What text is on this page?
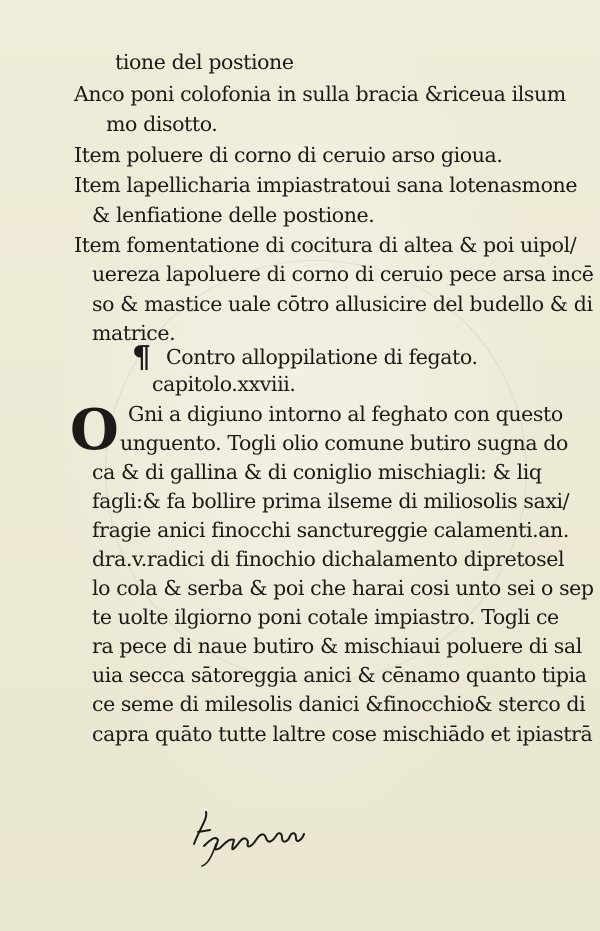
tione del postione
Anco poni colofonia in sulla bracia &riceua ilsum
mo disotto.
Item poluere di corno di ceruio arso gioua.
Item lapellicharia impiastratoui sana lotenasmone
& lenfiatione delle postione.
Item fomentatione di cocitura di altea & poi uipol/
uereza lapoluere di corno di ceruio pece arsa incē
so & mastice uale cōtro allusicire del budello & di
matrice.
¶ Contro alloppilatione di fegato.
capitolo.xxviii.
O Gni a digiuno intorno al feghato con questo
unguento. Togli olio comune butiro sugna do
ca & di gallina & di coniglio mischiagli: & liq
fagli:& fa bollire prima ilseme di miliosolis saxi/
fragie anici finocchi sanctureggie calamenti.an.
dra.v.radici di finochio dichalamento dipretosel
lo cola & serba & poi che harai cosi unto sei o sep
te uolte ilgiorno poni cotale impiastro. Togli ce
ra pece di naue butiro & mischiaui poluere di sal
uia secca sātoreggia anici & cēnamo quanto tipia
ce seme di milesolis danici &finocchio& sterco di
capra quāto tutte laltre cose mischiādo et ipiastrā
